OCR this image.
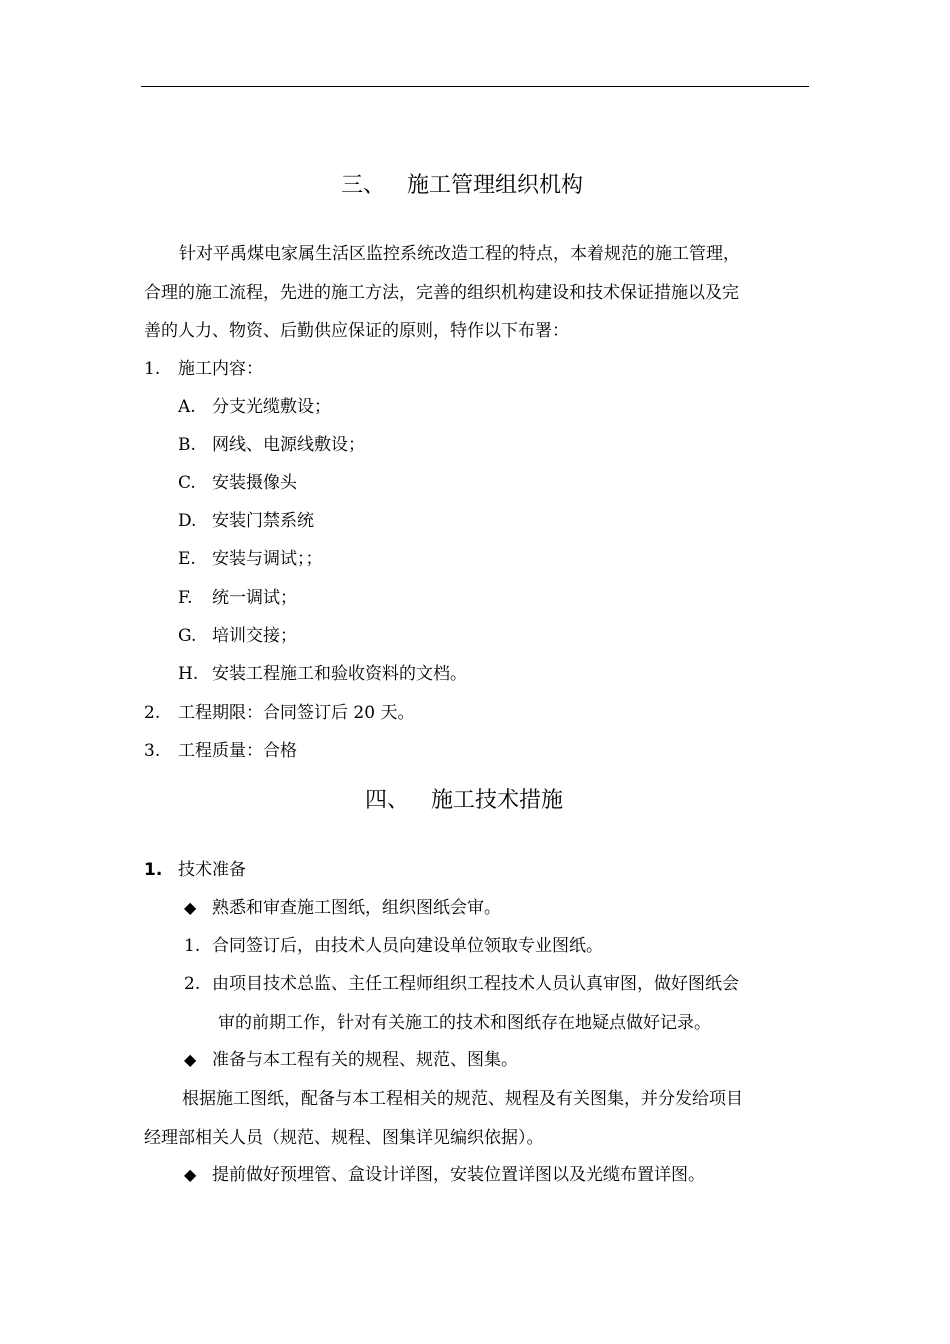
三、 施工管理组织机构
针对平禹煤电家属生活区监控系统改造工程的特点，本着规范的施工管理，
合理的施工流程，先进的施工方法，完善的组织机构建设和技术保证措施以及完
善的人力、物资、后勤供应保证的原则，特作以下布署：
1. 施工内容：
A. 分支光缆敷设；
B. 网线、电源线敷设；
C. 安装摄像头
D. 安装门禁系统
E. 安装与调试；；
F. 统一调试；
G. 培训交接；
H. 安装工程施工和验收资料的文档。
2. 工程期限：合同签订后 20 天。
3. 工程质量：合格
四、 施工技术措施
1. 技术准备
◆ 熟悉和审查施工图纸，组织图纸会审。
1. 合同签订后，由技术人员向建设单位领取专业图纸。
2. 由项目技术总监、主任工程师组织工程技术人员认真审图，做好图纸会
审的前期工作，针对有关施工的技术和图纸存在地疑点做好记录。
◆ 准备与本工程有关的规程、规范、图集。
根据施工图纸，配备与本工程相关的规范、规程及有关图集，并分发给项目
经理部相关人员（规范、规程、图集详见编织依据）。
◆ 提前做好预埋管、盒设计详图，安装位置详图以及光缆布置详图。
